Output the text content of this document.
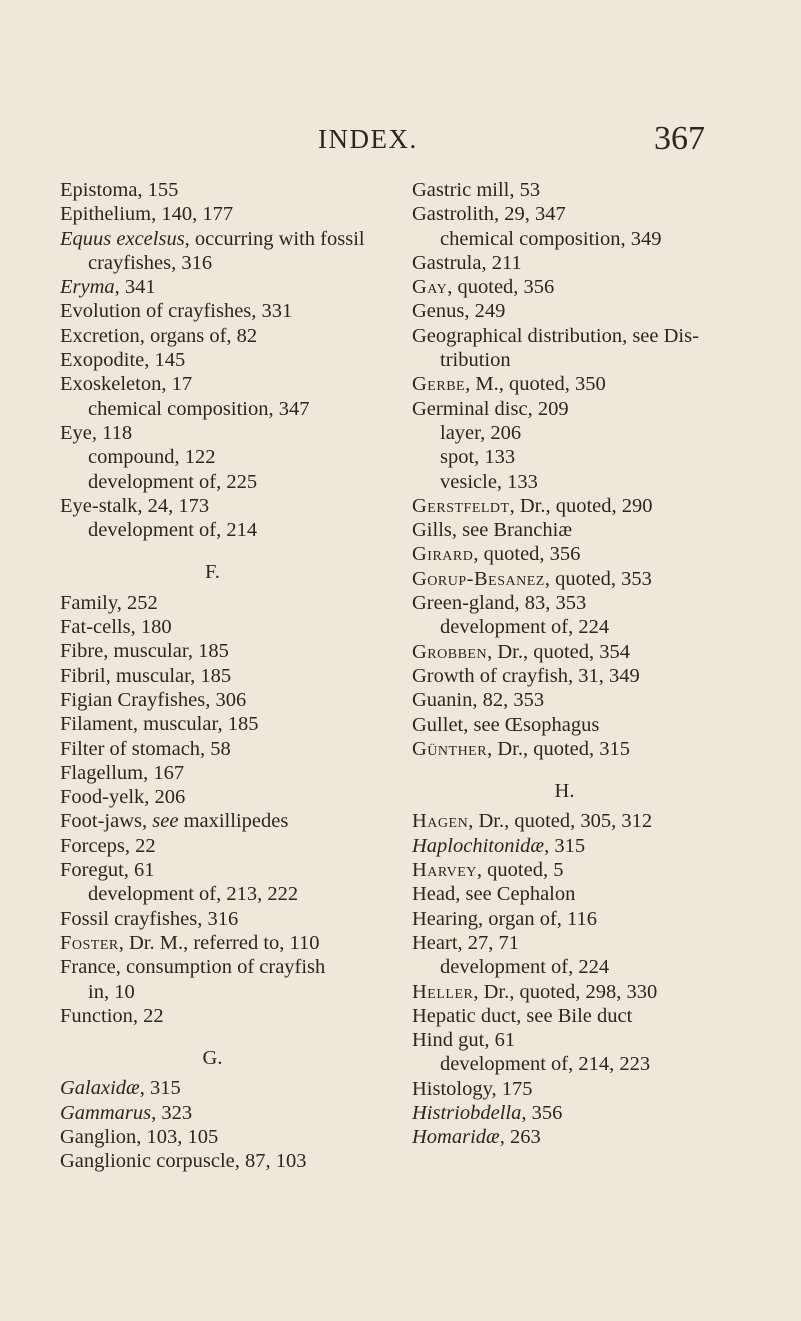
INDEX.	367
Epistoma, 155
Epithelium, 140, 177
Equus excelsus, occurring with fossil
crayfishes, 316
Eryma, 341
Evolution of crayfishes, 331
Excretion, organs of, 82
Exopodite, 145
Exoskeleton, 17
chemical composition, 347
Eye, 118
compound, 122
development of, 225
Eye-stalk, 24, 173
development of, 214
F.
Family, 252
Fat-cells, 180
Fibre, muscular, 185
Fibril, muscular, 185
Figian Crayfishes, 306
Filament, muscular, 185
Filter of stomach, 58
Flagellum, 167
Food-yelk, 206
Foot-jaws, see maxillipedes
Forceps, 22
Foregut, 61
development of, 213, 222
Fossil crayfishes, 316
Foster, Dr. M., referred to, 110
France, consumption of crayfish
in, 10
Function, 22
G.
Galaxidæ, 315
Gammarus, 323
Ganglion, 103, 105
Ganglionic corpuscle, 87, 103
Gastric mill, 53
Gastrolith, 29, 347
chemical composition, 349
Gastrula, 211
Gay, quoted, 356
Genus, 249
Geographical distribution, see Dis-
tribution
Gerbe, M., quoted, 350
Germinal disc, 209
layer, 206
spot, 133
vesicle, 133
Gerstfeldt, Dr., quoted, 290
Gills, see Branchiæ
Girard, quoted, 356
Gorup-Besanez, quoted, 353
Green-gland, 83, 353
development of, 224
Grobben, Dr., quoted, 354
Growth of crayfish, 31, 349
Guanin, 82, 353
Gullet, see Œsophagus
Günther, Dr., quoted, 315
H.
Hagen, Dr., quoted, 305, 312
Haplochitonidæ, 315
Harvey, quoted, 5
Head, see Cephalon
Hearing, organ of, 116
Heart, 27, 71
development of, 224
Heller, Dr., quoted, 298, 330
Hepatic duct, see Bile duct
Hind gut, 61
development of, 214, 223
Histology, 175
Histriobdella, 356
Homaridæ, 263
